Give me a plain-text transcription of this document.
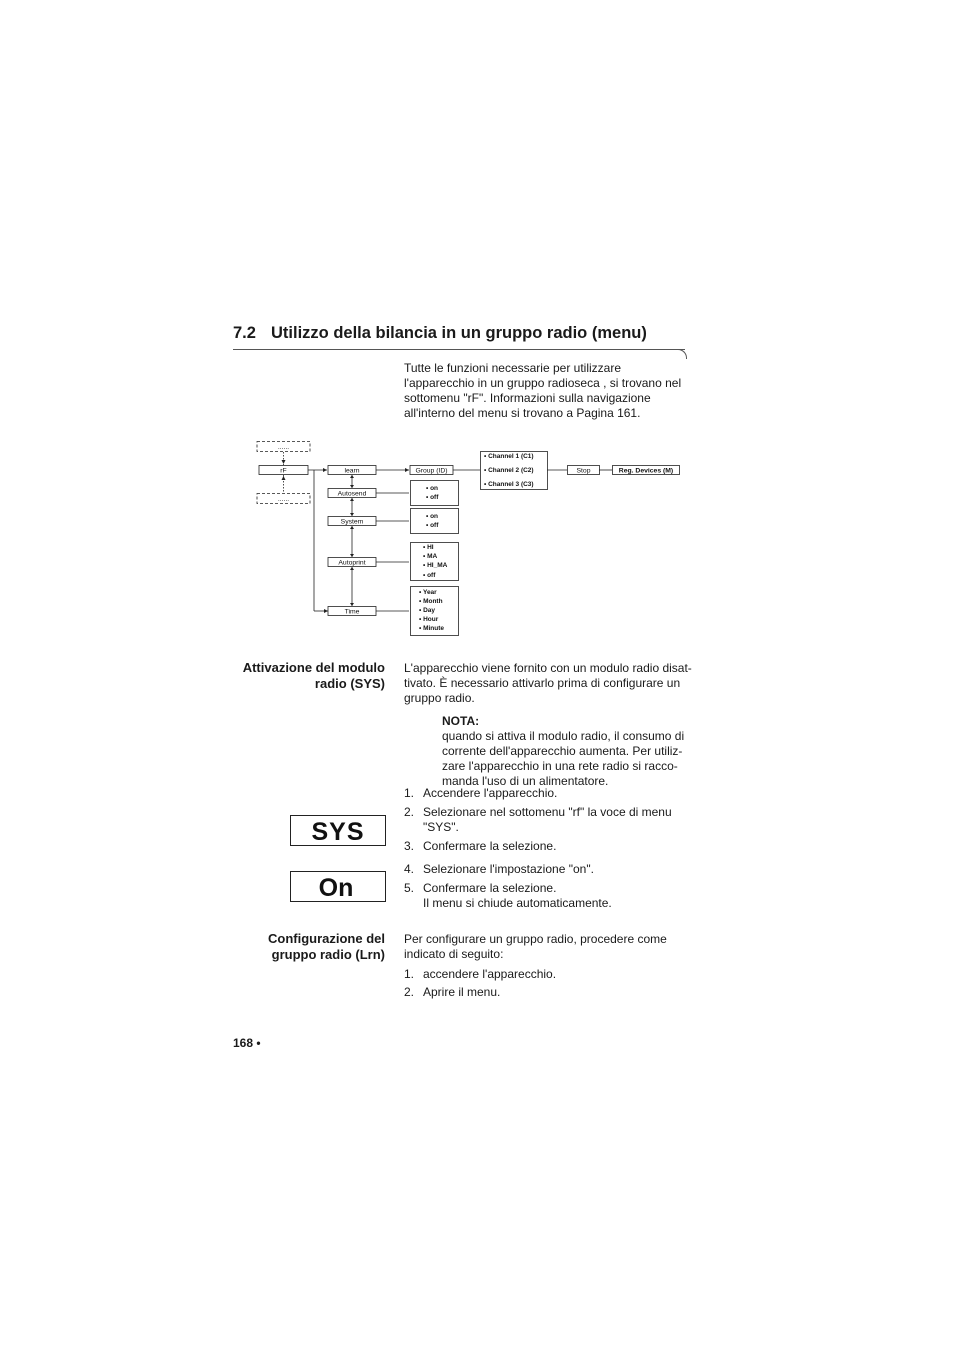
7.2 Utilizzo della bilancia in un gruppo radio (menu)
Tutte le funzioni necessarie per utilizzare l'apparecchio in un gruppo radioseca , si trovano nel sottomenu "rF". Informazioni sulla navigazione all'interno del menu si trovano a Pagina 161.
......
......
rF	learn
Autosend
System
Autoprint
Time
Group (ID)	Stop	Reg. Devices (M)
• Channel 1 (C1)
• Channel 2 (C2)
• Channel 3 (C3)
• on
• off
• on
• off
• HI
• MA
• HI_MA
• off
• Year
• Month
• Day
• Hour
• Minute
Attivazione del modulo
radio (SYS)
L'apparecchio viene fornito con un modulo radio disat-
tivato. È necessario attivarlo prima di configurare un
gruppo radio.
NOTA:
quando si attiva il modulo radio, il consumo di
corrente dell'apparecchio aumenta. Per utiliz-
zare l'apparecchio in una rete radio si racco-
manda l'uso di un alimentatore.
1. Accendere l'apparecchio.
2. Selezionare nel sottomenu "rf" la voce di menu
"SYS".
3. Confermare la selezione.
4. Selezionare l'impostazione "on".
5. Confermare la selezione.
Il menu si chiude automaticamente.
SYS
On
Configurazione del
gruppo radio (Lrn)
Per configurare un gruppo radio, procedere come
indicato di seguito:
1. accendere l'apparecchio.
2. Aprire il menu.
168 •
